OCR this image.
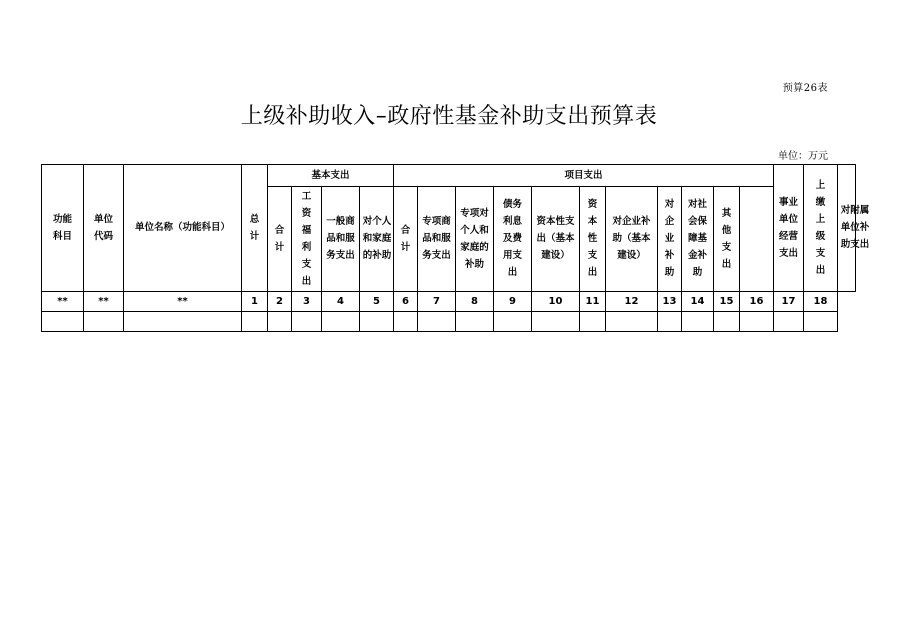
预算26表
上级补助收入–政府性基金补助支出预算表
单位：万元
功能科目	单位代码	单位名称（功能科目）	总计	基本支出				项目支出											事业单位经营支出	上缴上级支出	对附属单位补助支出

				合计	工资福利支出	一般商品和服务支出	对个人和家庭的补助	合计	专项商品和服务支出	专项对个人和家庭的补助	债务利息及费用支出	资本性支出（基本建设）	资本性支出	对企业补助（基本建设）	对企业补助	对社会保障基金补助	其他支出				

**	**	**	1	2	3	4	5	6	7	8	9	10	11	12	13	14	15	16	17	18	
